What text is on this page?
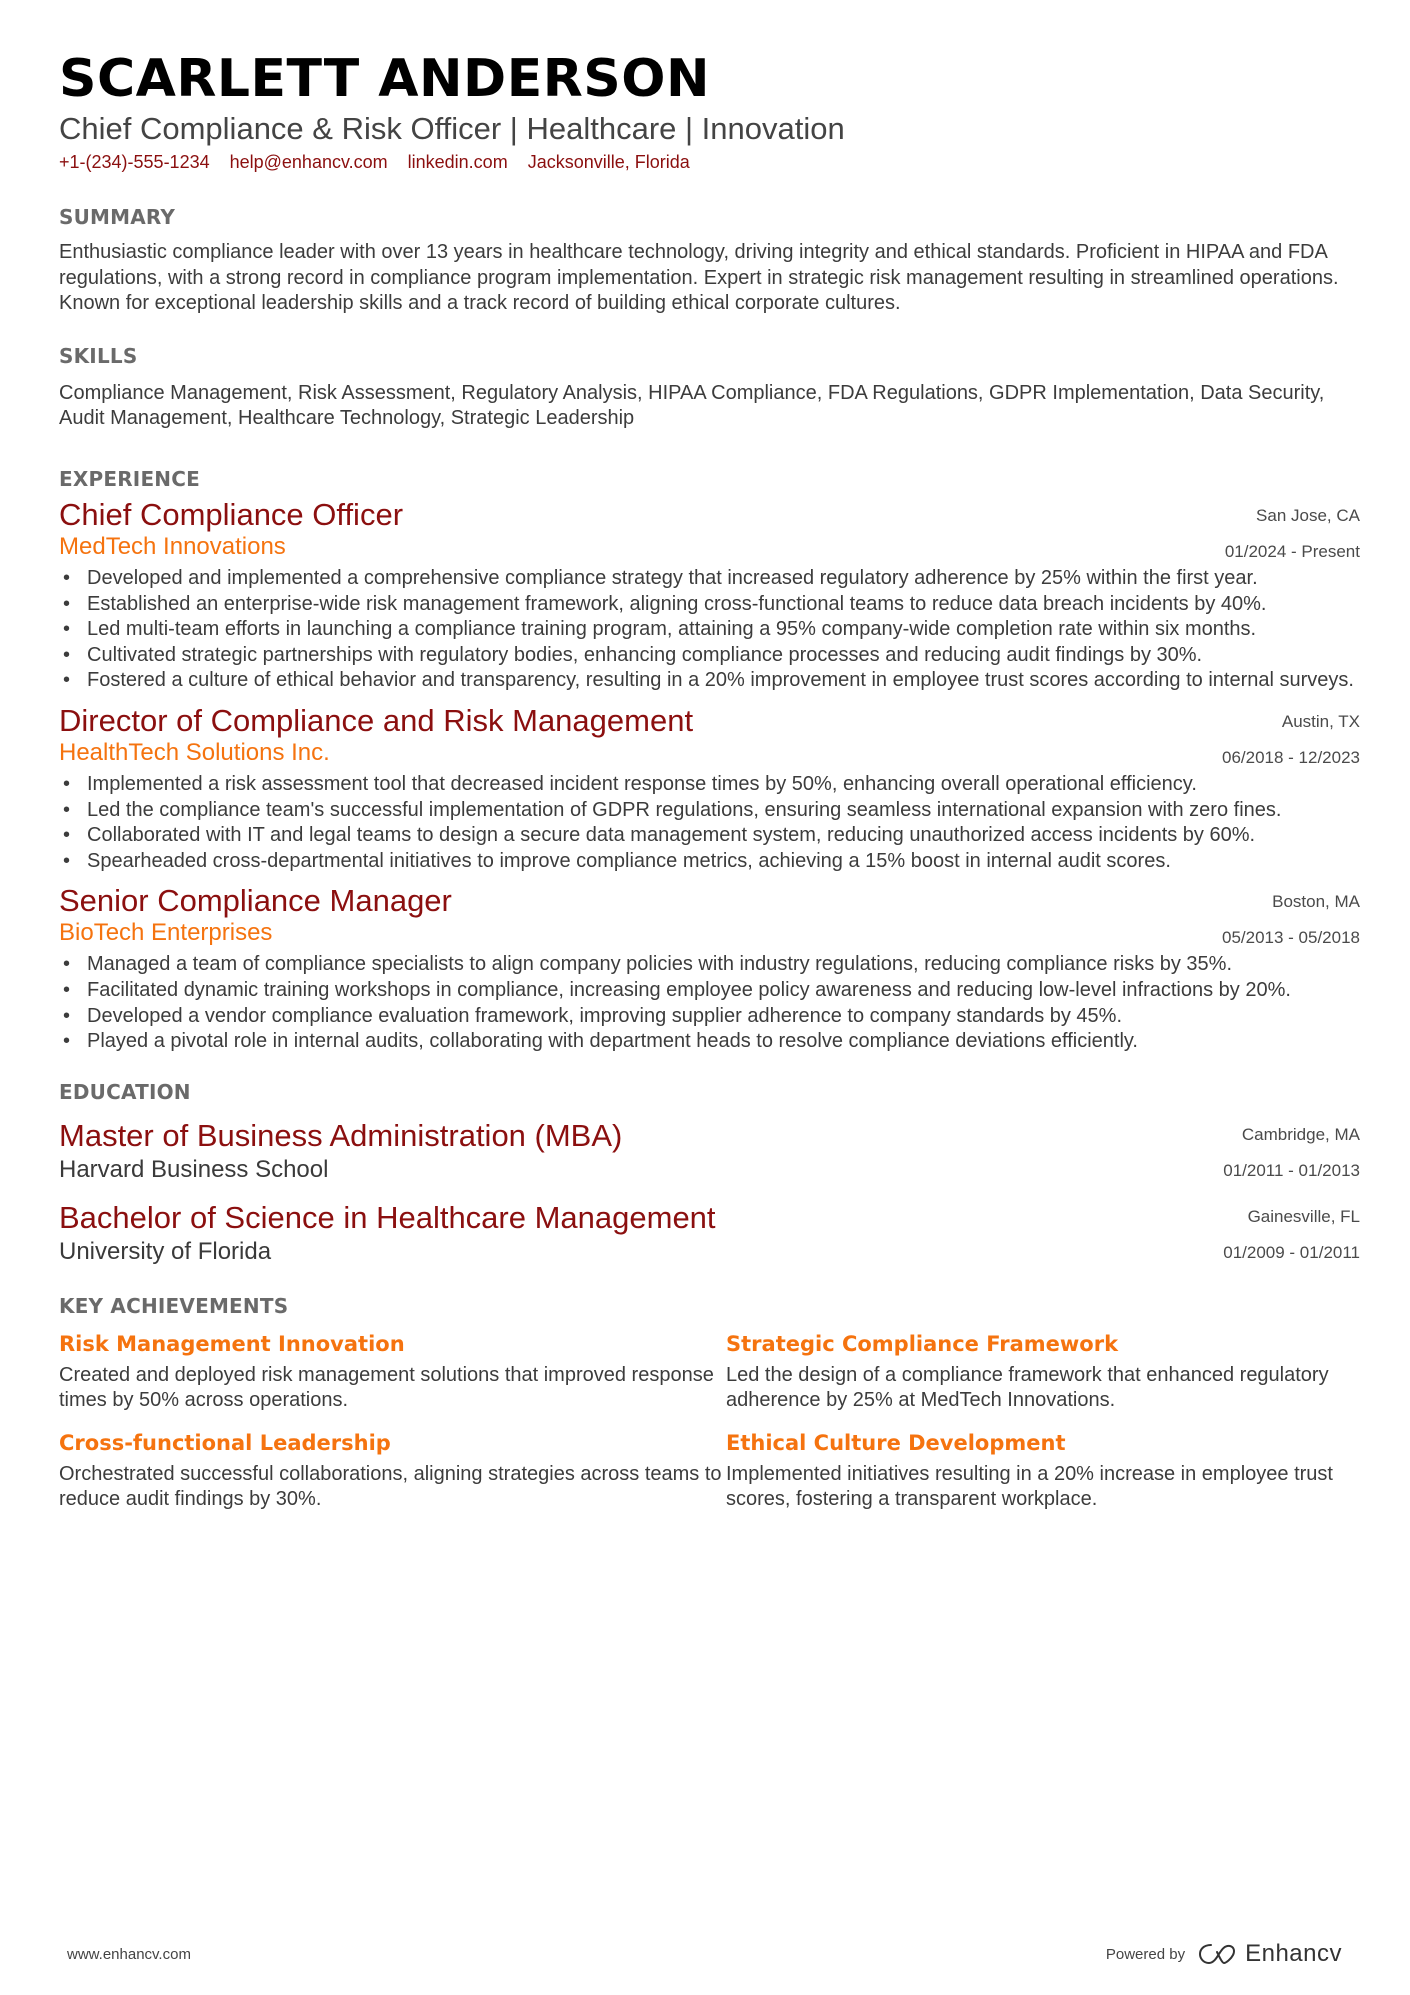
SCARLETT ANDERSON
Chief Compliance & Risk Officer | Healthcare | Innovation
+1-(234)-555-1234 help@enhancv.com linkedin.com Jacksonville, Florida
SUMMARY
Enthusiastic compliance leader with over 13 years in healthcare technology, driving integrity and ethical standards. Proficient in HIPAA and FDA regulations, with a strong record in compliance program implementation. Expert in strategic risk management resulting in streamlined operations. Known for exceptional leadership skills and a track record of building ethical corporate cultures.
SKILLS
Compliance Management, Risk Assessment, Regulatory Analysis, HIPAA Compliance, FDA Regulations, GDPR Implementation, Data Security, Audit Management, Healthcare Technology, Strategic Leadership
EXPERIENCE
Chief Compliance Officer
MedTech Innovations
San Jose, CA
01/2024 - Present
• Developed and implemented a comprehensive compliance strategy that increased regulatory adherence by 25% within the first year.
• Established an enterprise-wide risk management framework, aligning cross-functional teams to reduce data breach incidents by 40%.
• Led multi-team efforts in launching a compliance training program, attaining a 95% company-wide completion rate within six months.
• Cultivated strategic partnerships with regulatory bodies, enhancing compliance processes and reducing audit findings by 30%.
• Fostered a culture of ethical behavior and transparency, resulting in a 20% improvement in employee trust scores according to internal surveys.
Director of Compliance and Risk Management
HealthTech Solutions Inc.
Austin, TX
06/2018 - 12/2023
• Implemented a risk assessment tool that decreased incident response times by 50%, enhancing overall operational efficiency.
• Led the compliance team's successful implementation of GDPR regulations, ensuring seamless international expansion with zero fines.
• Collaborated with IT and legal teams to design a secure data management system, reducing unauthorized access incidents by 60%.
• Spearheaded cross-departmental initiatives to improve compliance metrics, achieving a 15% boost in internal audit scores.
Senior Compliance Manager
BioTech Enterprises
Boston, MA
05/2013 - 05/2018
• Managed a team of compliance specialists to align company policies with industry regulations, reducing compliance risks by 35%.
• Facilitated dynamic training workshops in compliance, increasing employee policy awareness and reducing low-level infractions by 20%.
• Developed a vendor compliance evaluation framework, improving supplier adherence to company standards by 45%.
• Played a pivotal role in internal audits, collaborating with department heads to resolve compliance deviations efficiently.
EDUCATION
Master of Business Administration (MBA)
Harvard Business School
Cambridge, MA
01/2011 - 01/2013
Bachelor of Science in Healthcare Management
University of Florida
Gainesville, FL
01/2009 - 01/2011
KEY ACHIEVEMENTS
Risk Management Innovation
Created and deployed risk management solutions that improved response times by 50% across operations.
Strategic Compliance Framework
Led the design of a compliance framework that enhanced regulatory adherence by 25% at MedTech Innovations.
Cross-functional Leadership
Orchestrated successful collaborations, aligning strategies across teams to reduce audit findings by 30%.
Ethical Culture Development
Implemented initiatives resulting in a 20% increase in employee trust scores, fostering a transparent workplace.
www.enhancv.com	Powered by	Enhancv
